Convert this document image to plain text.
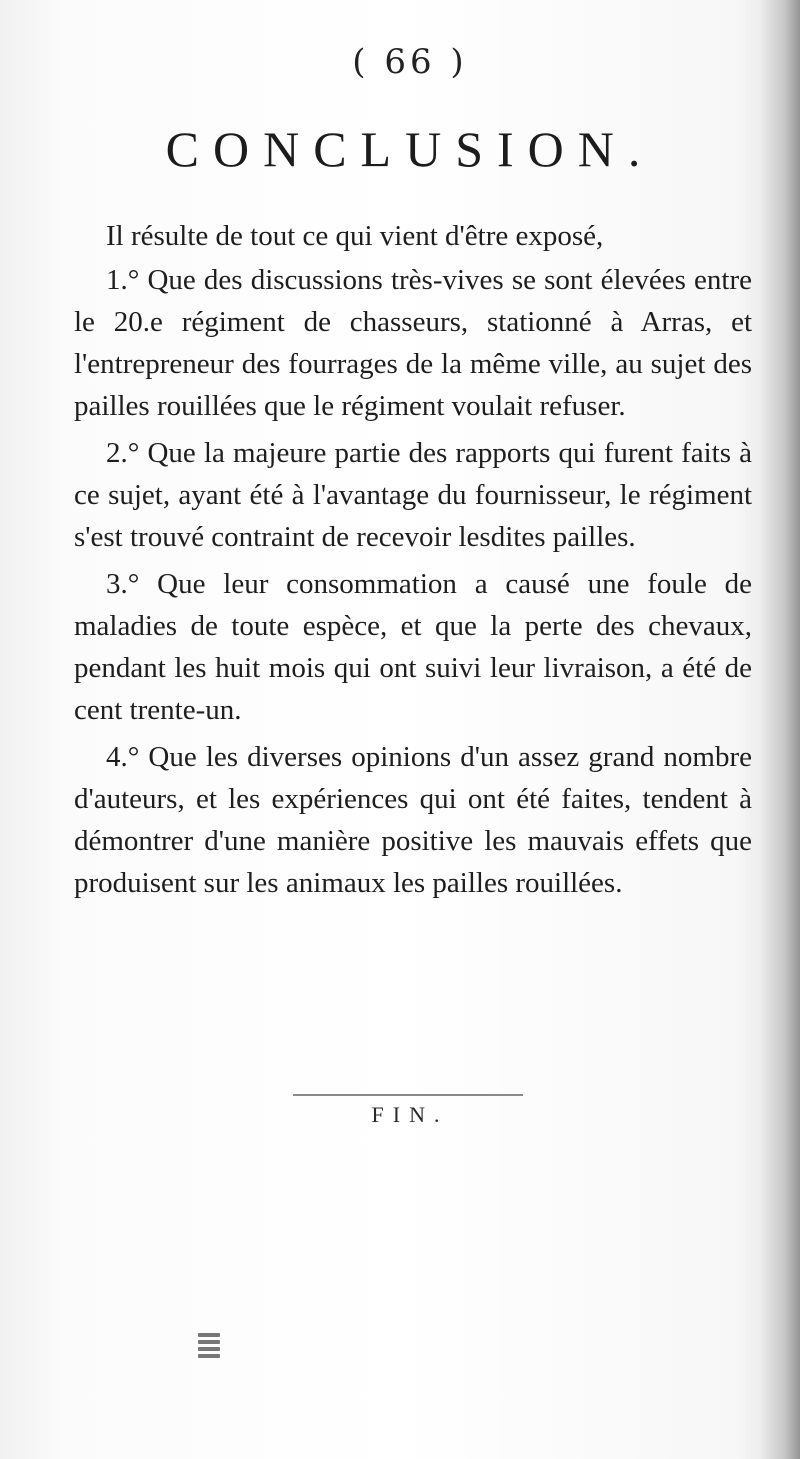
( 66 )
CONCLUSION.

Il résulte de tout ce qui vient d'être exposé,

1.° Que des discussions très-vives se sont élevées entre le 20.e régiment de chasseurs, stationné à Arras, et l'entrepreneur des fourrages de la même ville, au sujet des pailles rouillées que le régiment voulait refuser.

2.° Que la majeure partie des rapports qui furent faits à ce sujet, ayant été à l'avantage du fournisseur, le régiment s'est trouvé contraint de recevoir lesdites pailles.

3.° Que leur consommation a causé une foule de maladies de toute espèce, et que la perte des chevaux, pendant les huit mois qui ont suivi leur livraison, a été de cent trente-un.

4.° Que les diverses opinions d'un assez grand nombre d'auteurs, et les expériences qui ont été faites, tendent à démontrer d'une manière positive les mauvais effets que produisent sur les animaux les pailles rouillées.

FIN.
